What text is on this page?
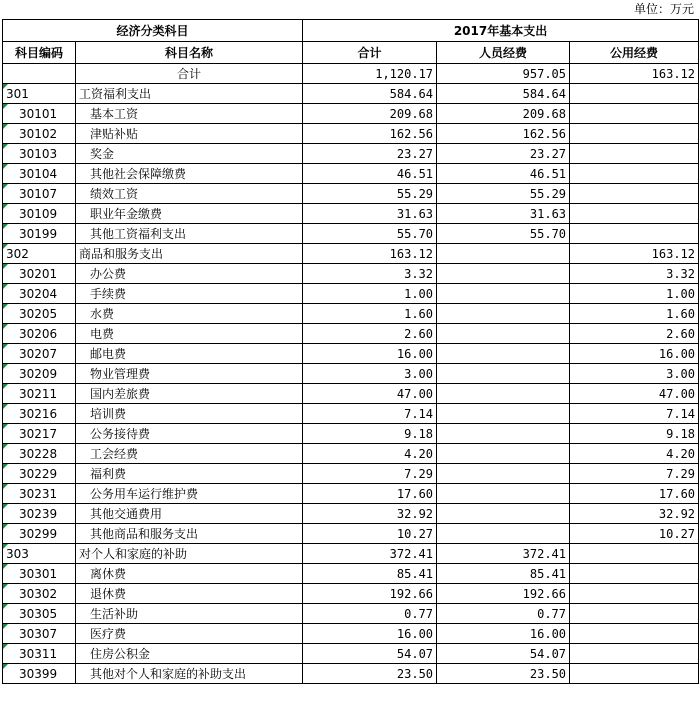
单位：万元
经济分类科目		2017年基本支出		
科目编码	科目名称	合计	人员经费	公用经费
	合计	1,120.17	957.05	163.12
301	工资福利支出	584.64	584.64	
30101	基本工资	209.68	209.68	
30102	津贴补贴	162.56	162.56	
30103	奖金	23.27	23.27	
30104	其他社会保障缴费	46.51	46.51	
30107	绩效工资	55.29	55.29	
30109	职业年金缴费	31.63	31.63	
30199	其他工资福利支出	55.70	55.70	
302	商品和服务支出	163.12		163.12
30201	办公费	3.32		3.32
30204	手续费	1.00		1.00
30205	水费	1.60		1.60
30206	电费	2.60		2.60
30207	邮电费	16.00		16.00
30209	物业管理费	3.00		3.00
30211	国内差旅费	47.00		47.00
30216	培训费	7.14		7.14
30217	公务接待费	9.18		9.18
30228	工会经费	4.20		4.20
30229	福利费	7.29		7.29
30231	公务用车运行维护费	17.60		17.60
30239	其他交通费用	32.92		32.92
30299	其他商品和服务支出	10.27		10.27
303	对个人和家庭的补助	372.41	372.41	
30301	离休费	85.41	85.41	
30302	退休费	192.66	192.66	
30305	生活补助	0.77	0.77	
30307	医疗费	16.00	16.00	
30311	住房公积金	54.07	54.07	
30399	其他对个人和家庭的补助支出	23.50	23.50	
